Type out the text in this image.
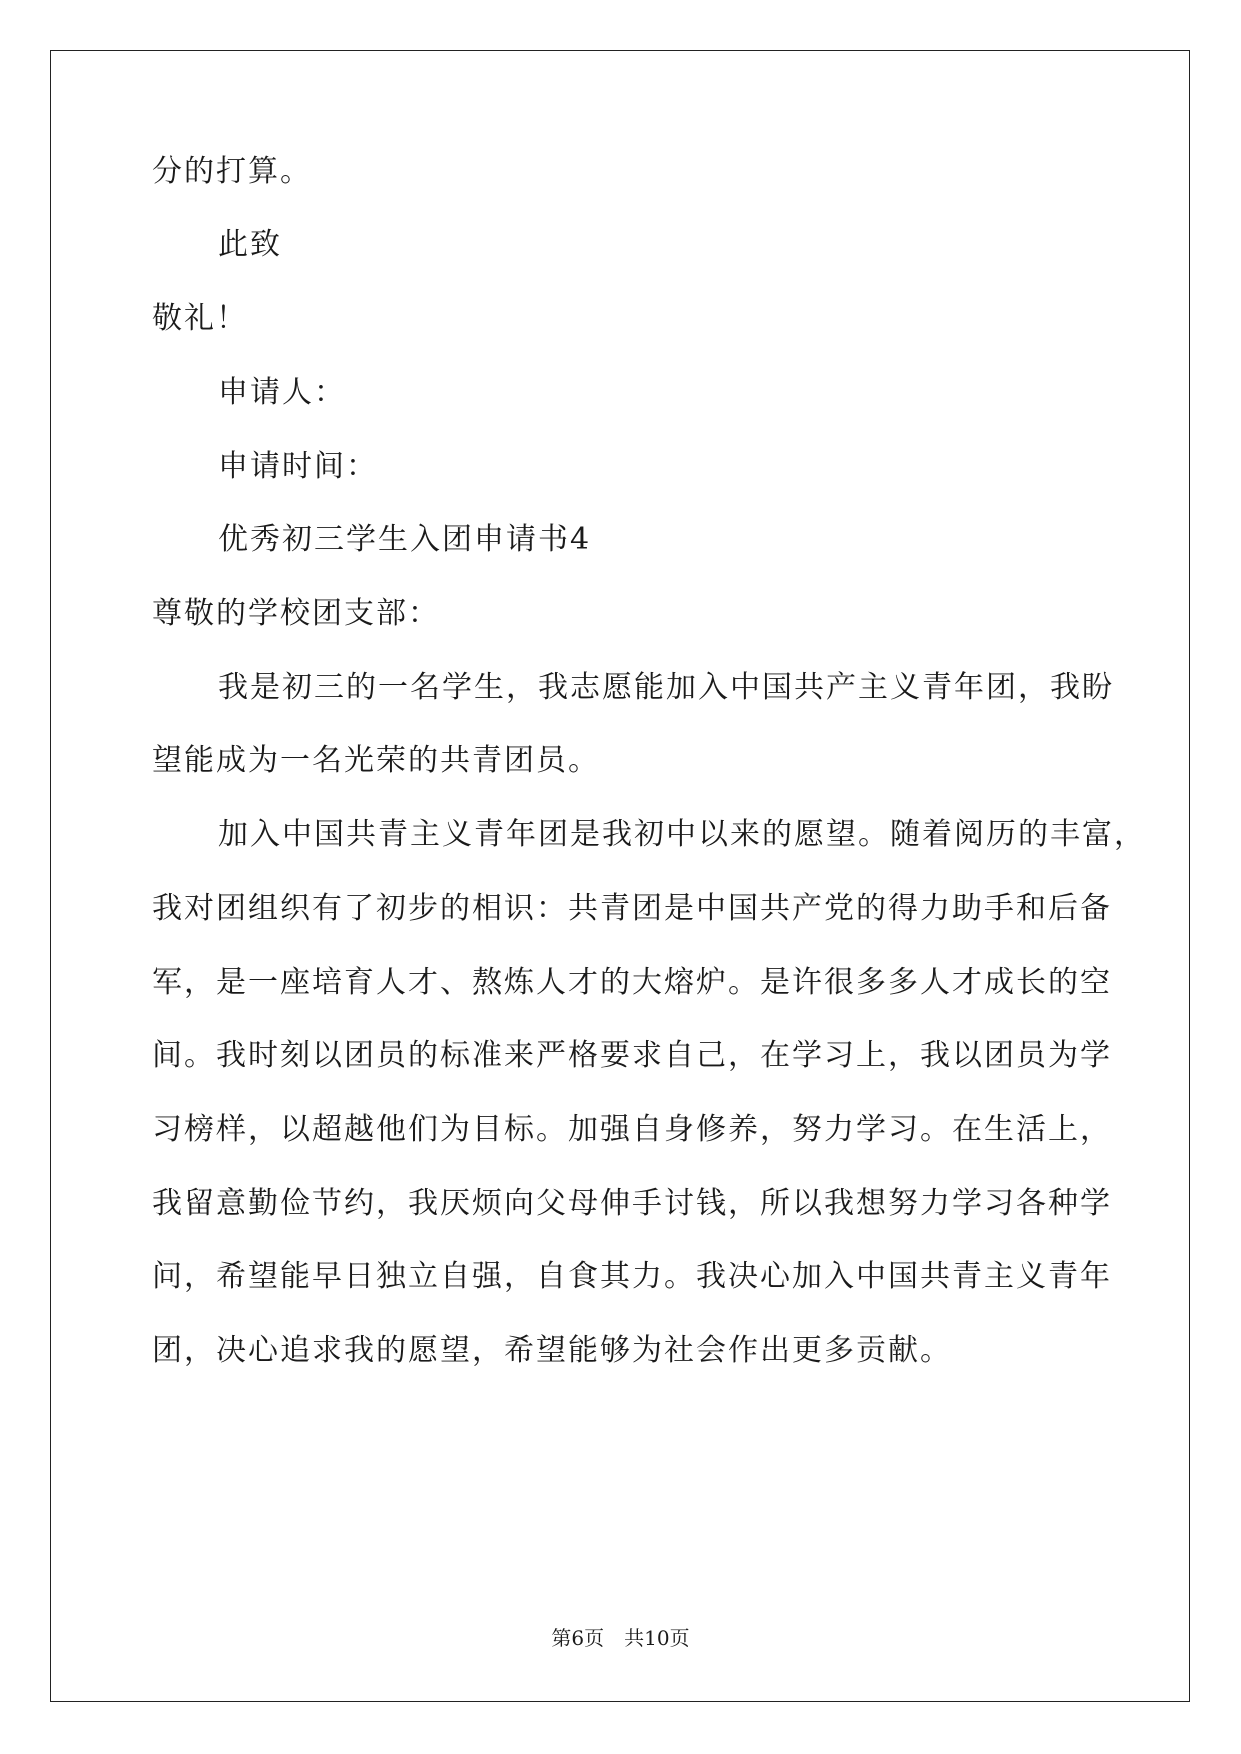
分的打算。

此致

敬礼！

申请人：

申请时间：

优秀初三学生入团申请书4

尊敬的学校团支部：

我是初三的一名学生，我志愿能加入中国共产主义青年团，我盼

望能成为一名光荣的共青团员。

加入中国共青主义青年团是我初中以来的愿望。随着阅历的丰富，

我对团组织有了初步的相识：共青团是中国共产党的得力助手和后备

军，是一座培育人才、熬炼人才的大熔炉。是许很多多人才成长的空

间。我时刻以团员的标准来严格要求自己，在学习上，我以团员为学

习榜样，以超越他们为目标。加强自身修养，努力学习。在生活上，

我留意勤俭节约，我厌烦向父母伸手讨钱，所以我想努力学习各种学

问，希望能早日独立自强，自食其力。我决心加入中国共青主义青年

团，决心追求我的愿望，希望能够为社会作出更多贡献。

第6页 共10页
